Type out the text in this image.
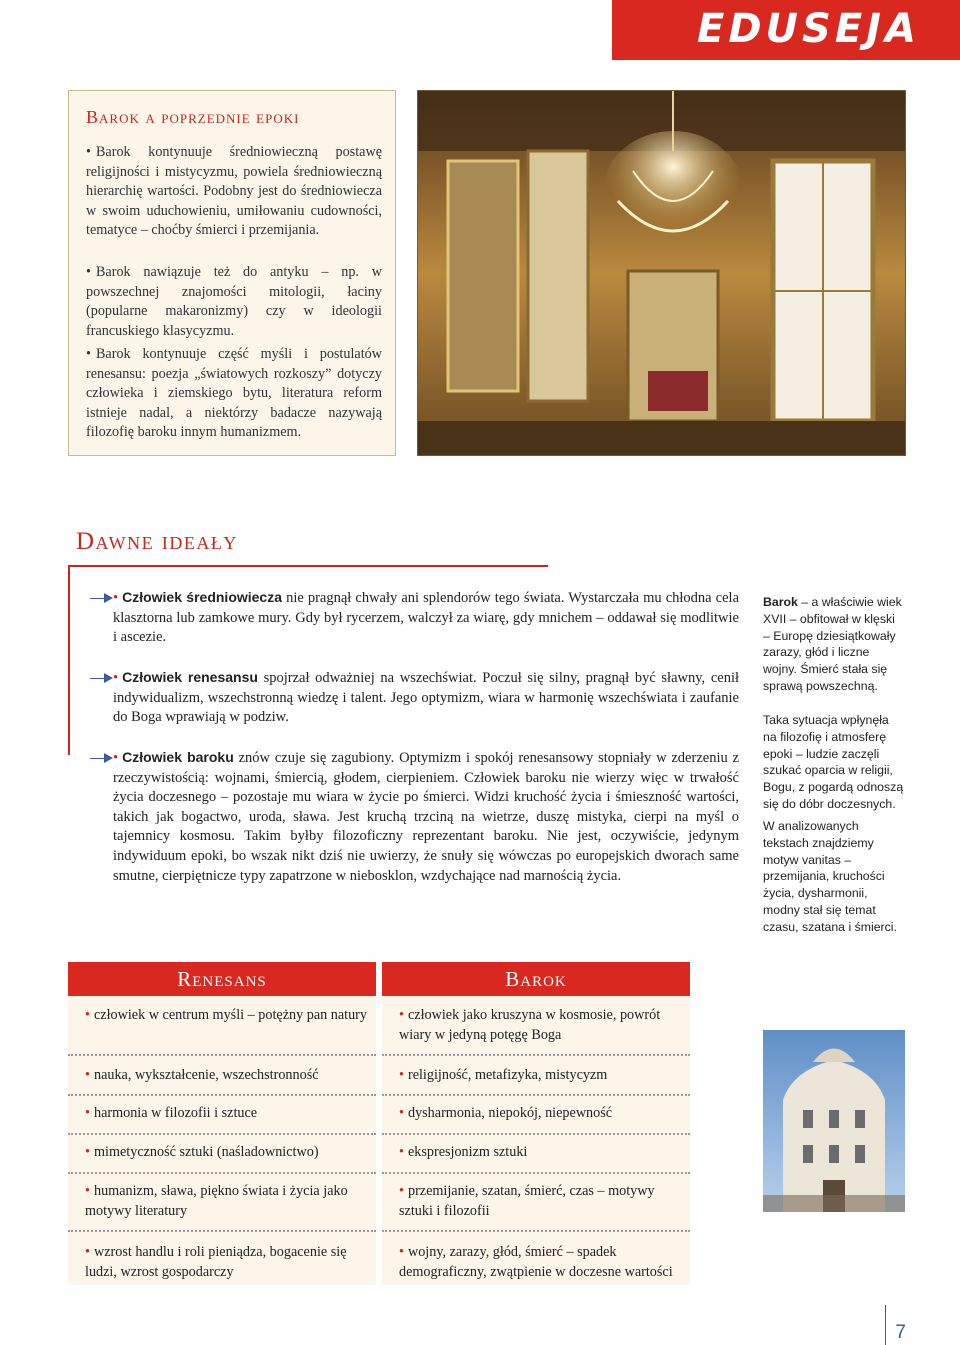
EDUSEJA
Barok a poprzednie epoki

• Barok kontynuuje średniowieczną postawę religijności i mistycyzmu, powiela średniowieczną hierarchię wartości. Podobny jest do średniowiecza w swoim uduchowieniu, umiłowaniu cudowności, tematyce – choćby śmierci i przemijania.

• Barok nawiązuje też do antyku – np. w powszechnej znajomości mitologii, łaciny (popularne makaronizmy) czy w ideologii francuskiego klasycyzmu.

• Barok kontynuuje część myśli i postulatów renesansu: poezja „światowych rozkoszy” dotyczy człowieka i ziemskiego bytu, literatura reform istnieje nadal, a niektórzy badacze nazywają filozofię baroku innym humanizmem.

Dawne ideały

• Człowiek średniowiecza nie pragnął chwały ani splendorów tego świata. Wystarczała mu chłodna cela klasztorna lub zamkowe mury. Gdy był rycerzem, walczył za wiarę, gdy mnichem – oddawał się modlitwie i ascezie.

• Człowiek renesansu spojrzał odważniej na wszechświat. Poczuł się silny, pragnął być sławny, cenił indywidualizm, wszechstronną wiedzę i talent. Jego optymizm, wiara w harmonię wszechświata i zaufanie do Boga wprawiają w podziw.

• Człowiek baroku znów czuje się zagubiony. Optymizm i spokój renesansowy stopniały w zderzeniu z rzeczywistością: wojnami, śmiercią, głodem, cierpieniem. Człowiek baroku nie wierzy więc w trwałość życia doczesnego – pozostaje mu wiara w życie po śmierci. Widzi kruchość życia i śmieszność wartości, takich jak bogactwo, uroda, sława. Jest kruchą trzciną na wietrze, duszę mistyka, cierpi na myśl o tajemnicy kosmosu. Takim byłby filozoficzny reprezentant baroku. Nie jest, oczywiście, jedynym indywiduum epoki, bo wszak nikt dziś nie uwierzy, że snuły się wówczas po europejskich dworach same smutne, cierpiętnicze typy zapatrzone w niebosklon, wzdychające nad marnością życia.

Barok – a właściwie wiek XVII – obfitował w klęski – Europę dziesiątkowały zarazy, głód i liczne wojny. Śmierć stała się sprawą powszechną.

Taka sytuacja wpłynęła na filozofię i atmosferę epoki – ludzie zaczęli szukać oparcia w religii, Bogu, z pogardą odnoszą się do dóbr doczesnych.

W analizowanych tekstach znajdziemy motyw vanitas – przemijania, kruchości życia, dysharmonii, modny stał się temat czasu, szatana i śmierci.

Renesans

• człowiek w centrum myśli – potężny pan natury

• nauka, wykształcenie, wszechstronność

• harmonia w filozofii i sztuce

• mimetyczność sztuki (naśladownictwo)

• humanizm, sława, piękno świata i życia jako motywy literatury

• wzrost handlu i roli pieniądza, bogacenie się ludzi, wzrost gospodarczy

Barok

• człowiek jako kruszyna w kosmosie, powrót wiary w jedyną potęgę Boga

• religijność, metafizyka, mistycyzm

• dysharmonia, niepokój, niepewność

• ekspresjonizm sztuki

• przemijanie, szatan, śmierć, czas – motywy sztuki i filozofii

• wojny, zarazy, głód, śmierć – spadek demograficzny, zwątpienie w doczesne wartości

7
